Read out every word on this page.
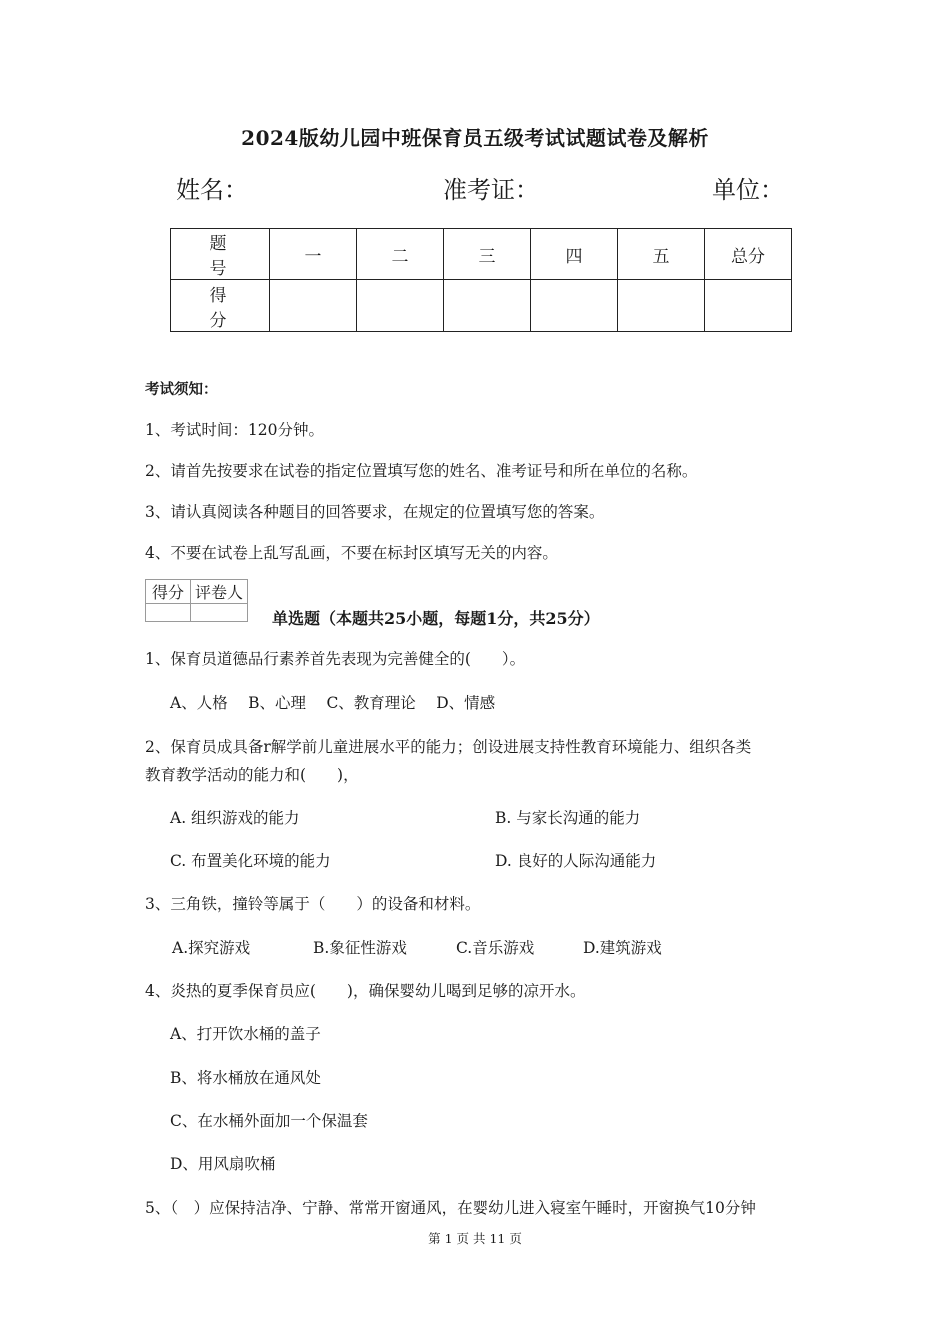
2024版幼儿园中班保育员五级考试试题试卷及解析
姓名：	准考证：	单位：
题　号	一	二	三	四	五	总分
得　分						
考试须知：
1、考试时间：120分钟。
2、请首先按要求在试卷的指定位置填写您的姓名、准考证号和所在单位的名称。
3、请认真阅读各种题目的回答要求，在规定的位置填写您的答案。
4、不要在试卷上乱写乱画，不要在标封区填写无关的内容。
得分	评卷人

单选题（本题共25小题，每题1分，共25分）
1、保育员道德品行素养首先表现为完善健全的(　　）。
A、人格　 B、心理　 C、教育理论　 D、情感
2、保育员成具备r解学前儿童进展水平的能力；创设进展支持性教育环境能力、组织各类
教育教学活动的能力和(　　)，
A. 组织游戏的能力	B. 与家长沟通的能力
C. 布置美化环境的能力	D. 良好的人际沟通能力
3、三角铁，撞铃等属于（　　）的设备和材料。
A.探究游戏	B.象征性游戏	C.音乐游戏	D.建筑游戏
4、炎热的夏季保育员应(　　)，确保婴幼儿喝到足够的凉开水。
A、打开饮水桶的盖子
B、将水桶放在通风处
C、在水桶外面加一个保温套
D、用风扇吹桶
5、（　）应保持洁净、宁静、常常开窗通风，在婴幼儿进入寝室午睡时，开窗换气10分钟
第 1 页 共 11 页
